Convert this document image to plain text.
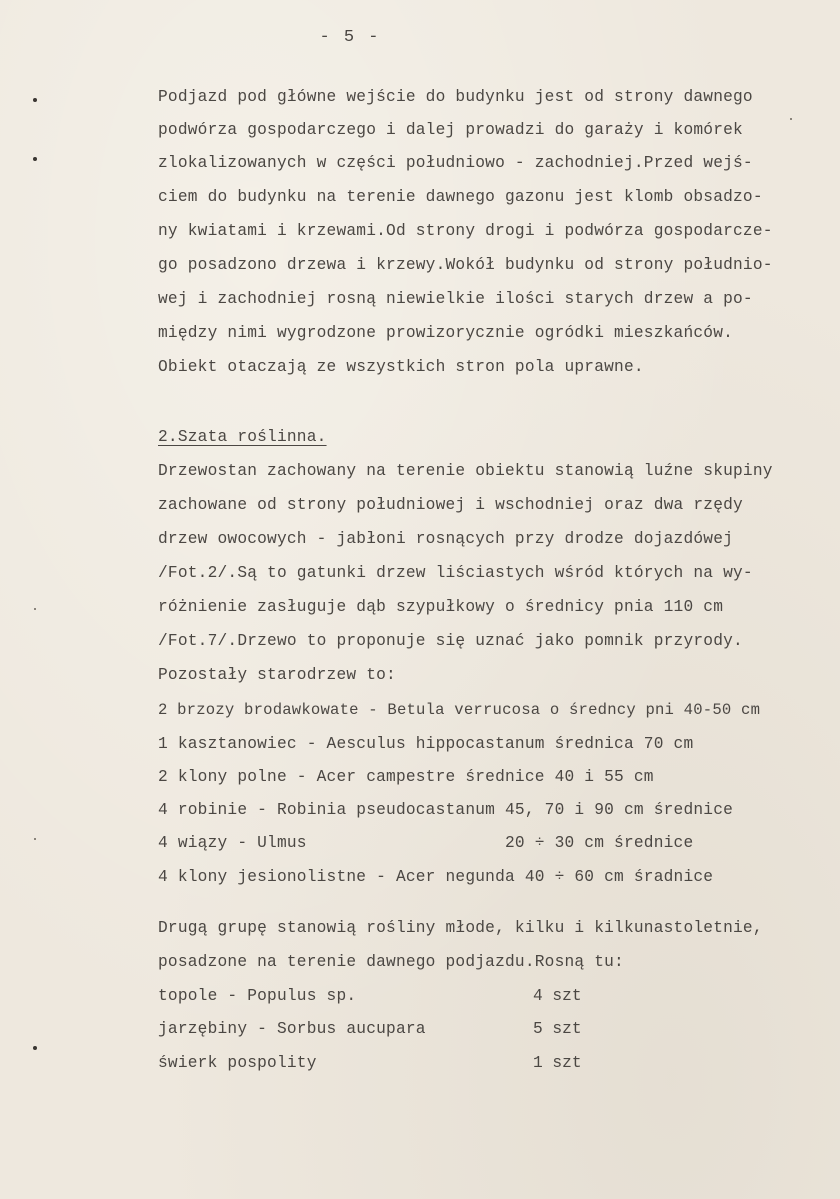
- 5 -
Podjazd pod główne wejście do budynku jest od strony dawnego
podwórza gospodarczego i dalej prowadzi do garaży i komórek
zlokalizowanych w części południowo - zachodniej.Przed wejś-
ciem do budynku na terenie dawnego gazonu jest klomb obsadzo-
ny kwiatami i krzewami.Od strony drogi i podwórza gospodarcze-
go posadzono drzewa i krzewy.Wokół budynku od strony południo-
wej i zachodniej rosną niewielkie ilości starych drzew a po-
między nimi wygrodzone prowizorycznie ogródki mieszkańców.
Obiekt otaczają ze wszystkich stron pola uprawne.
2.Szata roślinna.
Drzewostan zachowany na terenie obiektu stanowią luźne skupiny
zachowane od strony południowej i wschodniej oraz dwa rzędy
drzew owocowych - jabłoni rosnących przy drodze dojazdówej
/Fot.2/.Są to gatunki drzew liściastych wśród których na wy-
różnienie zasługuje dąb szypułkowy o średnicy pnia 110 cm
/Fot.7/.Drzewo to proponuje się uznać jako pomnik przyrody.
Pozostały starodrzew to:
2 brzozy brodawkowate - Betula verrucosa o średncy pni 40-50 cm
1 kasztanowiec - Aesculus hippocastanum średnica 70 cm
2 klony polne - Acer campestre średnice 40 i 55 cm
4 robinie - Robinia pseudocastanum 45, 70 i 90 cm średnice
4 wiązy - Ulmus                    20 ÷ 30 cm średnice
4 klony jesionolistne - Acer negunda 40 ÷ 60 cm śradnice
Drugą grupę stanowią rośliny młode, kilku i kilkunastoletnie,
posadzone na terenie dawnego podjazdu.Rosną tu:
topole - Populus sp.	4 szt
jarzębiny - Sorbus aucupara	5 szt
świerk pospolity	1 szt
